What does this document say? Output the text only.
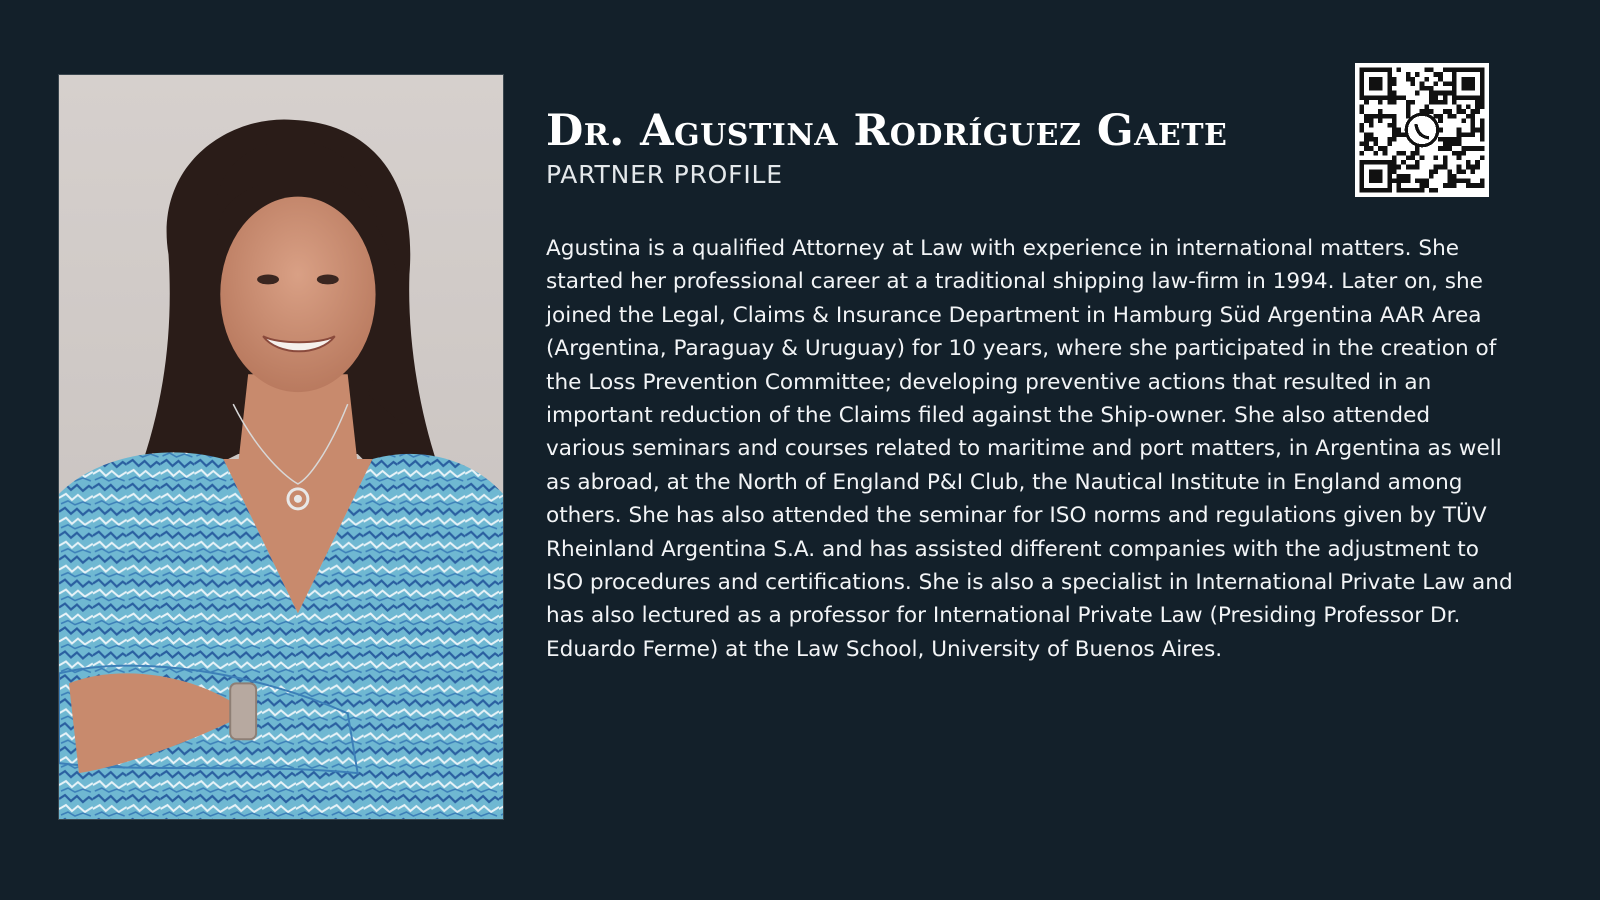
Dr. Agustina Rodríguez Gaete
PARTNER PROFILE

Agustina is a qualified Attorney at Law with experience in international matters. She started her professional career at a traditional shipping law-firm in 1994. Later on, she joined the Legal, Claims & Insurance Department in Hamburg Süd Argentina AAR Area (Argentina, Paraguay & Uruguay) for 10 years, where she participated in the creation of the Loss Prevention Committee; developing preventive actions that resulted in an important reduction of the Claims filed against the Ship-owner. She also attended various seminars and courses related to maritime and port matters, in Argentina as well as abroad, at the North of England P&I Club, the Nautical Institute in England among others. She has also attended the seminar for ISO norms and regulations given by TÜV Rheinland Argentina S.A. and has assisted different companies with the adjustment to ISO procedures and certifications. She is also a specialist in International Private Law and has also lectured as a professor for International Private Law (Presiding Professor Dr. Eduardo Ferme) at the Law School, University of Buenos Aires.
